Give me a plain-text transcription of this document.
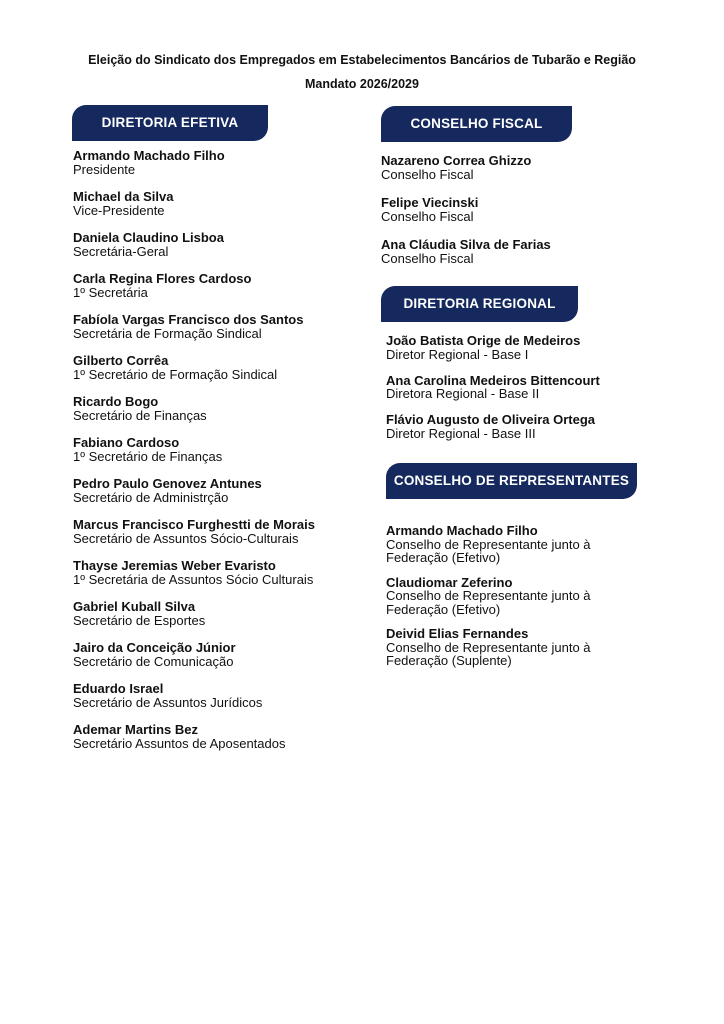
Eleição do Sindicato dos Empregados em Estabelecimentos Bancários de Tubarão e Região
Mandato 2026/2029
DIRETORIA EFETIVA
Armando Machado Filho
Presidente
Michael da Silva
Vice-Presidente
Daniela Claudino Lisboa
Secretária-Geral
Carla Regina Flores Cardoso
1º Secretária
Fabíola Vargas Francisco dos Santos
Secretária de Formação Sindical
Gilberto Corrêa
1º Secretário de Formação Sindical
Ricardo Bogo
Secretário de Finanças
Fabiano Cardoso
1º Secretário de Finanças
Pedro Paulo Genovez Antunes
Secretário de Administrção
Marcus Francisco Furghestti de Morais
Secretário de Assuntos Sócio-Culturais
Thayse Jeremias Weber Evaristo
1º Secretária de Assuntos Sócio Culturais
Gabriel Kuball Silva
Secretário de Esportes
Jairo da Conceição Júnior
Secretário de Comunicação
Eduardo Israel
Secretário de Assuntos Jurídicos
Ademar Martins Bez
Secretário Assuntos de Aposentados
CONSELHO FISCAL
Nazareno Correa Ghizzo
Conselho Fiscal
Felipe Viecinski
Conselho Fiscal
Ana Cláudia Silva de Farias
Conselho Fiscal
DIRETORIA REGIONAL
João Batista Orige de Medeiros
Diretor Regional - Base I
Ana Carolina Medeiros Bittencourt
Diretora Regional - Base II
Flávio Augusto de Oliveira Ortega
Diretor Regional - Base III
CONSELHO DE REPRESENTANTES
Armando Machado Filho
Conselho de Representante junto à
Federação (Efetivo)
Claudiomar Zeferino
Conselho de Representante junto à
Federação (Efetivo)
Deivid Elias Fernandes
Conselho de Representante junto à
Federação (Suplente)
